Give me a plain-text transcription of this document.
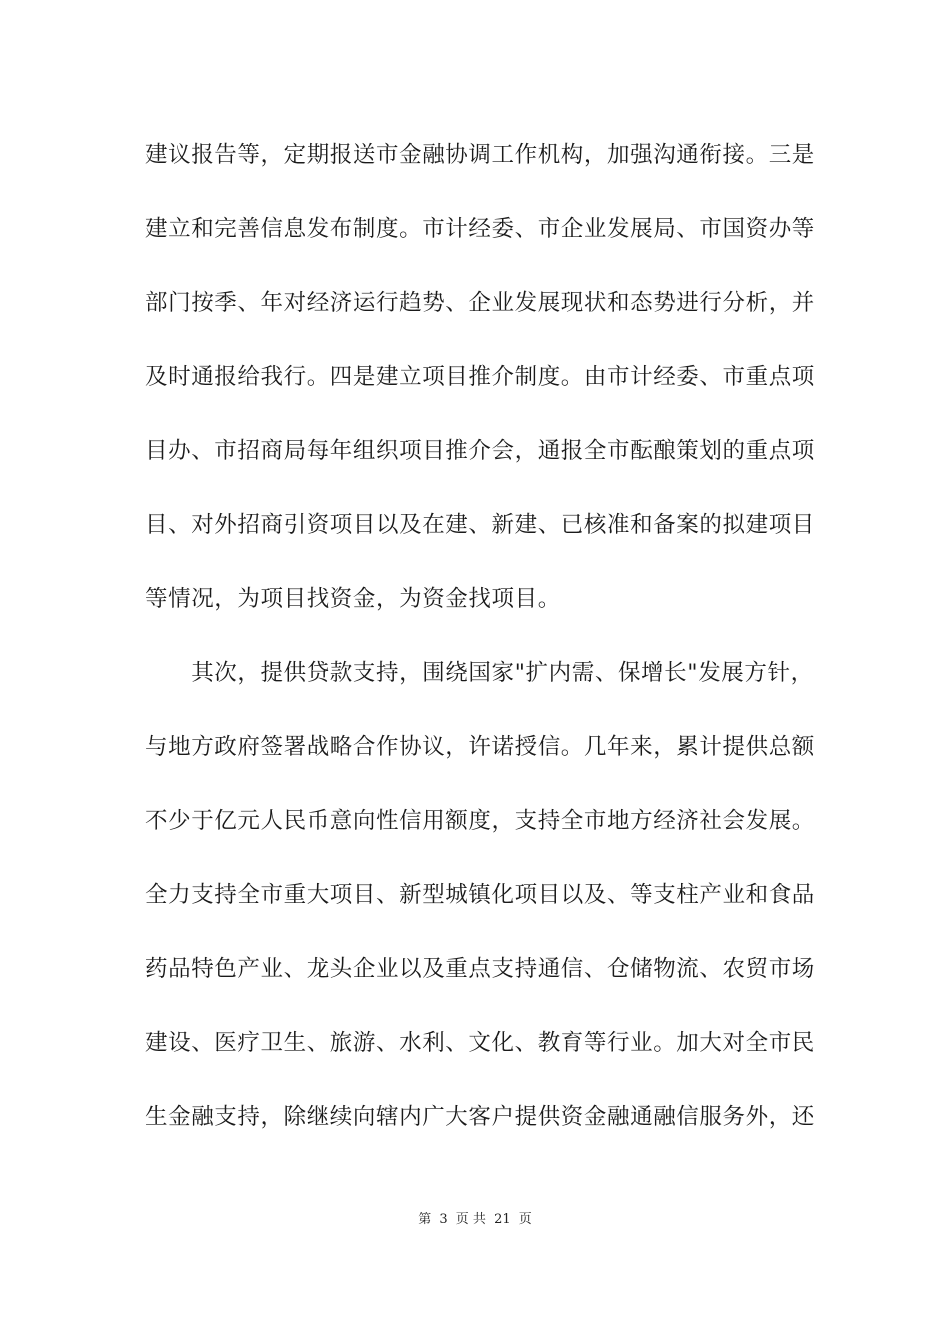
建议报告等，定期报送市金融协调工作机构，加强沟通衔接。三是
建立和完善信息发布制度。市计经委、市企业发展局、市国资办等
部门按季、年对经济运行趋势、企业发展现状和态势进行分析，并
及时通报给我行。四是建立项目推介制度。由市计经委、市重点项
目办、市招商局每年组织项目推介会，通报全市酝酿策划的重点项
目、对外招商引资项目以及在建、新建、已核准和备案的拟建项目
等情况，为项目找资金，为资金找项目。
　　其次，提供贷款支持，围绕国家"扩内需、保增长"发展方针，
与地方政府签署战略合作协议，许诺授信。几年来，累计提供总额
不少于亿元人民币意向性信用额度，支持全市地方经济社会发展。
全力支持全市重大项目、新型城镇化项目以及、等支柱产业和食品
药品特色产业、龙头企业以及重点支持通信、仓储物流、农贸市场
建设、医疗卫生、旅游、水利、文化、教育等行业。加大对全市民
生金融支持，除继续向辖内广大客户提供资金融通融信服务外，还
第 3 页 共 21 页
